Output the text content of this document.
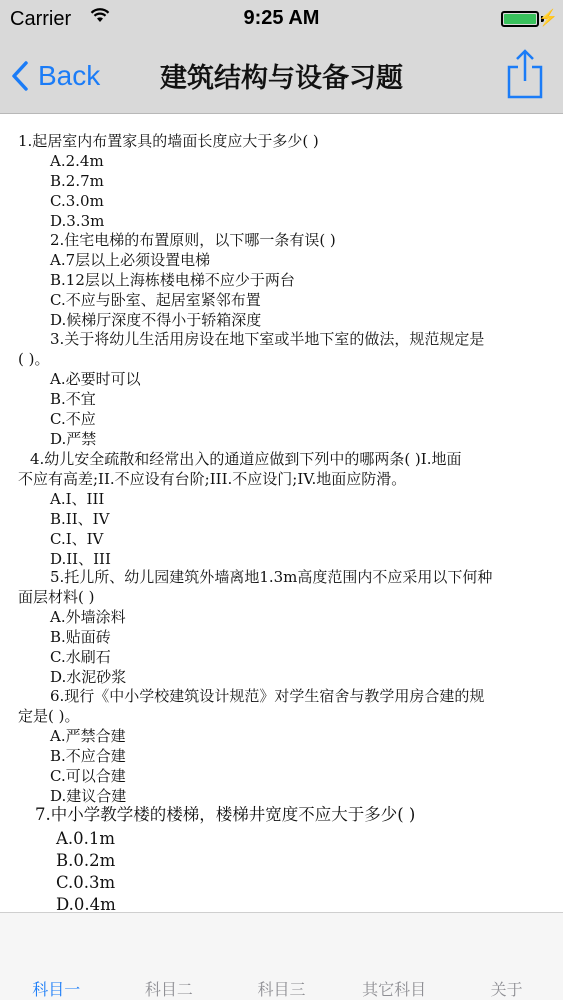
Carrier	9:25 AM	⚡
Back	建筑结构与设备习题
1.起居室内布置家具的墙面长度应大于多少( )
A.2.4m
B.2.7m
C.3.0m
D.3.3m
2.住宅电梯的布置原则，以下哪一条有误( )
A.7层以上必须设置电梯
B.12层以上海栋楼电梯不应少于两台
C.不应与卧室、起居室紧邻布置
D.候梯厅深度不得小于轿箱深度
3.关于将幼儿生活用房设在地下室或半地下室的做法，规范规定是
( )。
A.必要时可以
B.不宜
C.不应
D.严禁
4.幼儿安全疏散和经常出入的通道应做到下列中的哪两条( )I.地面
不应有高差;II.不应设有台阶;III.不应设门;IV.地面应防滑。
A.I、III
B.II、IV
C.I、IV
D.II、III
5.托儿所、幼儿园建筑外墙离地1.3m高度范围内不应采用以下何种
面层材料( )
A.外墙涂料
B.贴面砖
C.水刷石
D.水泥砂浆
6.现行《中小学校建筑设计规范》对学生宿舍与教学用房合建的规
定是( )。
A.严禁合建
B.不应合建
C.可以合建
D.建议合建
7.中小学教学楼的楼梯，楼梯井宽度不应大于多少( )
A.0.1m
B.0.2m
C.0.3m
D.0.4m
科目一	科目二	科目三	其它科目	关于
